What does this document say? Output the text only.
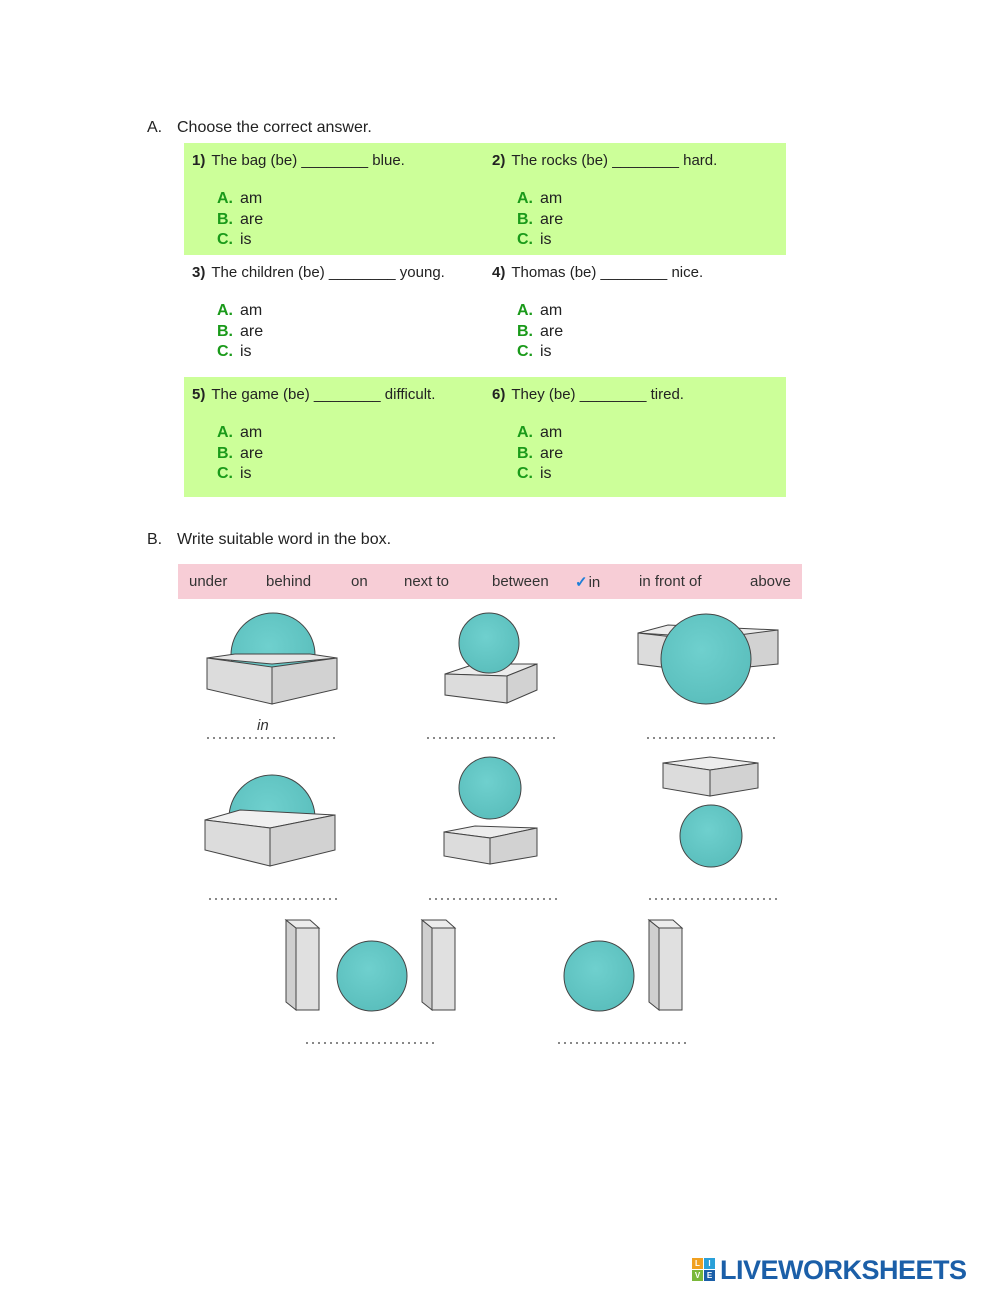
A. Choose the correct answer.
1) The bag (be) ________ blue.
A. am
B. are
C. is
2) The rocks (be) ________ hard.
A. am
B. are
C. is
3) The children (be) ________ young.
A. am
B. are
C. is
4) Thomas (be) ________ nice.
A. am
B. are
C. is
5) The game (be) ________ difficult.
A. am
B. are
C. is
6) They (be) ________ tired.
A. am
B. are
C. is
B. Write suitable word in the box.
under	behind	on next to	between ✓in	in front of	above
in
L	I
V E LIVEWORKSHEETS
